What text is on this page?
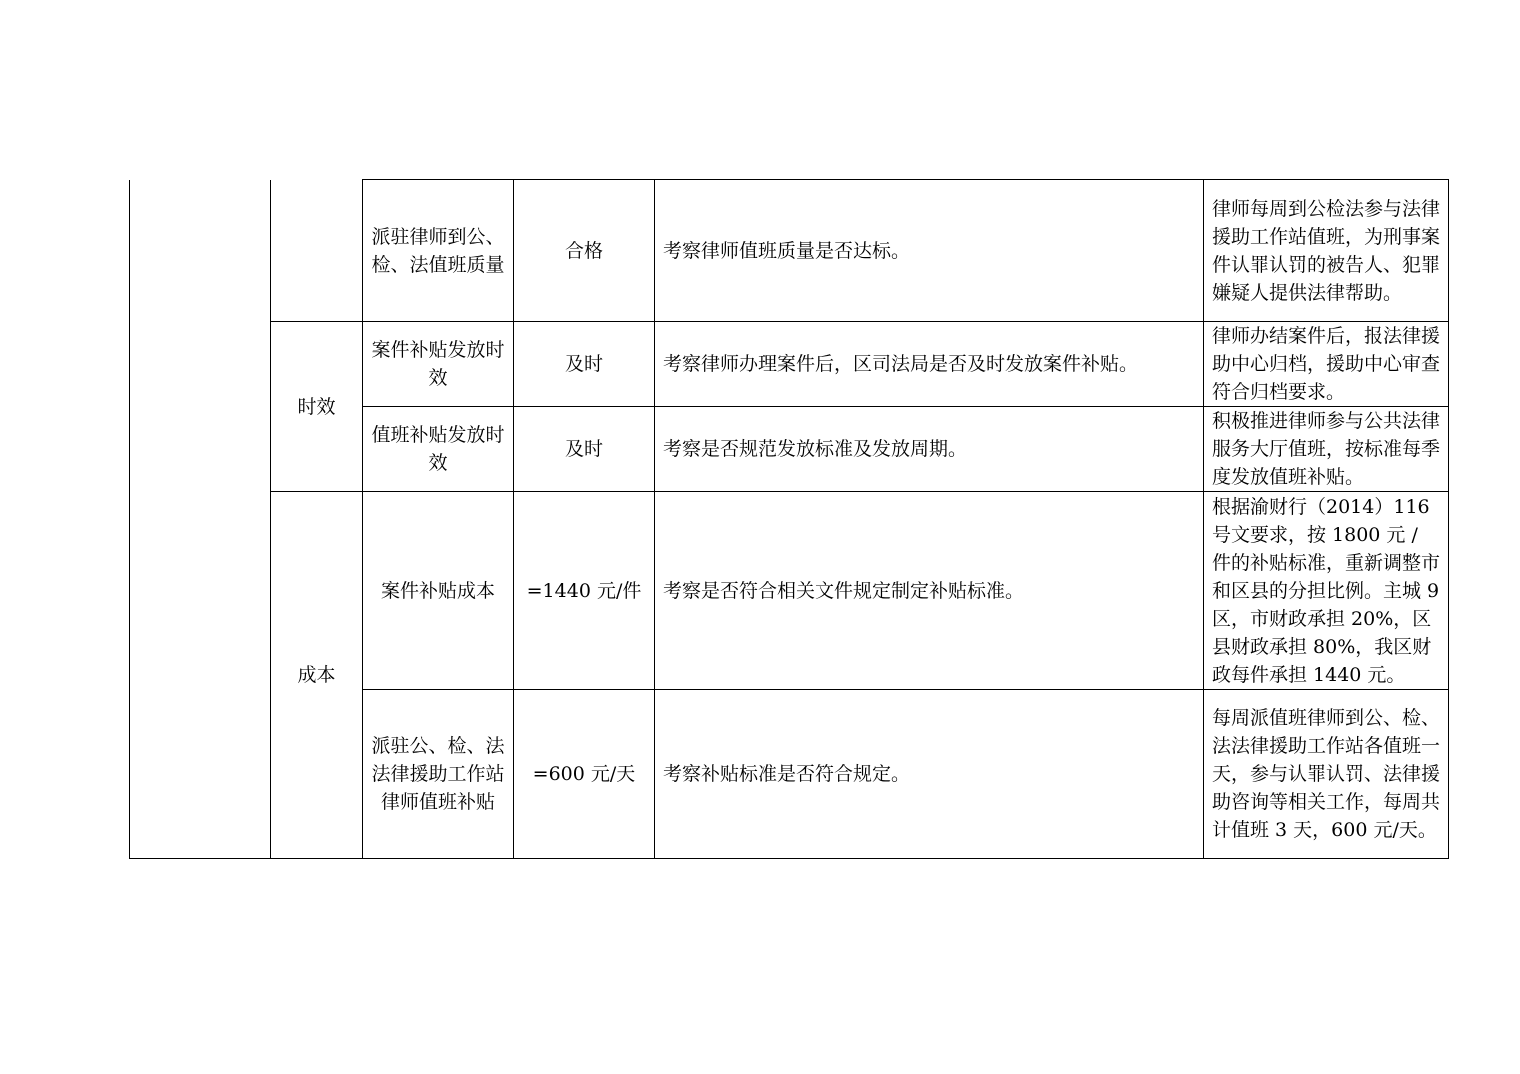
		派驻律师到公、检、法值班质量	合格	考察律师值班质量是否达标。	律师每周到公检法参与法律援助工作站值班，为刑事案件认罪认罚的被告人、犯罪嫌疑人提供法律帮助。
	时效	案件补贴发放时效	及时	考察律师办理案件后，区司法局是否及时发放案件补贴。	律师办结案件后，报法律援助中心归档，援助中心审查符合归档要求。
		值班补贴发放时效	及时	考察是否规范发放标准及发放周期。	积极推进律师参与公共法律服务大厅值班，按标准每季度发放值班补贴。
	成本	案件补贴成本	=1440 元/件	考察是否符合相关文件规定制定补贴标准。	根据渝财行（2014）116号文要求，按 1800 元 / 件的补贴标准，重新调整市和区县的分担比例。主城 9 区，市财政承担 20%，区县财政承担 80%，我区财政每件承担 1440 元。
		派驻公、检、法法律援助工作站律师值班补贴	=600 元/天	考察补贴标准是否符合规定。	每周派值班律师到公、检、法法律援助工作站各值班一天，参与认罪认罚、法律援助咨询等相关工作，每周共计值班 3 天，600 元/天。
